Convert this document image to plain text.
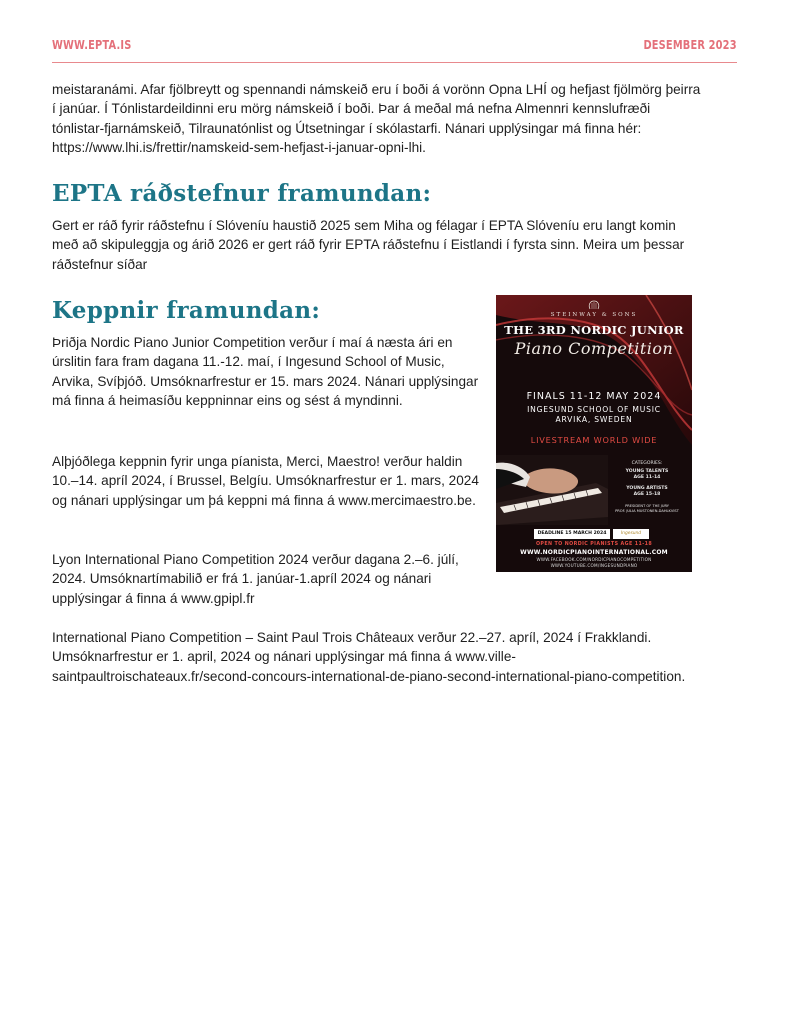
WWW.EPTA.IS	DESEMBER 2023

meistaranámi. Afar fjölbreytt og spennandi námskeið eru í boði á vorönn Opna LHÍ og hefjast fjölmörg þeirra í janúar. Í Tónlistardeildinni eru mörg námskeið í boði. Þar á meðal má nefna Almennri kennslufræði tónlistar-fjarnámskeið, Tilraunatónlist og Útsetningar í skólastarfi. Nánari upplýsingar má finna hér: https://www.lhi.is/frettir/namskeid-sem-hefjast-i-januar-opni-lhi.

EPTA ráðstefnur framundan:

Gert er ráð fyrir ráðstefnu í Slóveníu haustið 2025 sem Miha og félagar í EPTA Slóveníu eru langt komin með að skipuleggja og árið 2026 er gert ráð fyrir EPTA ráðstefnu í Eistlandi í fyrsta sinn. Meira um þessar ráðstefnur síðar

Keppnir framundan:

Þriðja Nordic Piano Junior Competition verður í maí á næsta ári en úrslitin fara fram dagana 11.-12. maí, í Ingesund School of Music, Arvika, Svíþjóð. Umsóknarfrestur er 15. mars 2024. Nánari upplýsingar má finna á heimasíðu keppninnar eins og sést á myndinni.

Alþjóðlega keppnin fyrir unga píanista, Merci, Maestro! verður haldin 10.–14. apríl 2024, í Brussel, Belgíu. Umsóknarfrestur er 1. mars, 2024 og nánari upplýsingar um þá keppni má finna á www.mercimaestro.be.

Lyon International Piano Competition 2024 verður dagana 2.–6. júlí, 2024. Umsóknartímabilið er frá 1. janúar-1.apríl 2024 og nánari upplýsingar á finna á www.gpipl.fr

International Piano Competition – Saint Paul Trois Châteaux verður 22.–27. apríl, 2024 í Frakklandi. Umsóknarfrestur er 1. april, 2024 og nánari upplýsingar má finna á www.ville-saintpaultroischateaux.fr/second-concours-international-de-piano-second-international-piano-competition.

STEINWAY & SONS
THE 3RD NORDIC JUNIOR
Piano Competition
FINALS 11-12 MAY 2024
INGESUND SCHOOL OF MUSIC
ARVIKA, SWEDEN
LIVESTREAM WORLD WIDE
CATEGORIES:
YOUNG TALENTS
AGE 11-14
YOUNG ARTISTS
AGE 15-18
PRESIDENT OF THE JURY
PROF. JULIA MUSTONEN-DAHLKVIST
DEADLINE 15 MARCH 2024	Ingesund
OPEN TO NORDIC PIANISTS AGE 11-18
WWW.NORDICPIANOINTERNATIONAL.COM
WWW.FACEBOOK.COM/NORDICPIANOCOMPETITION
WWW.YOUTUBE.COM/INGESUNDPIANO
